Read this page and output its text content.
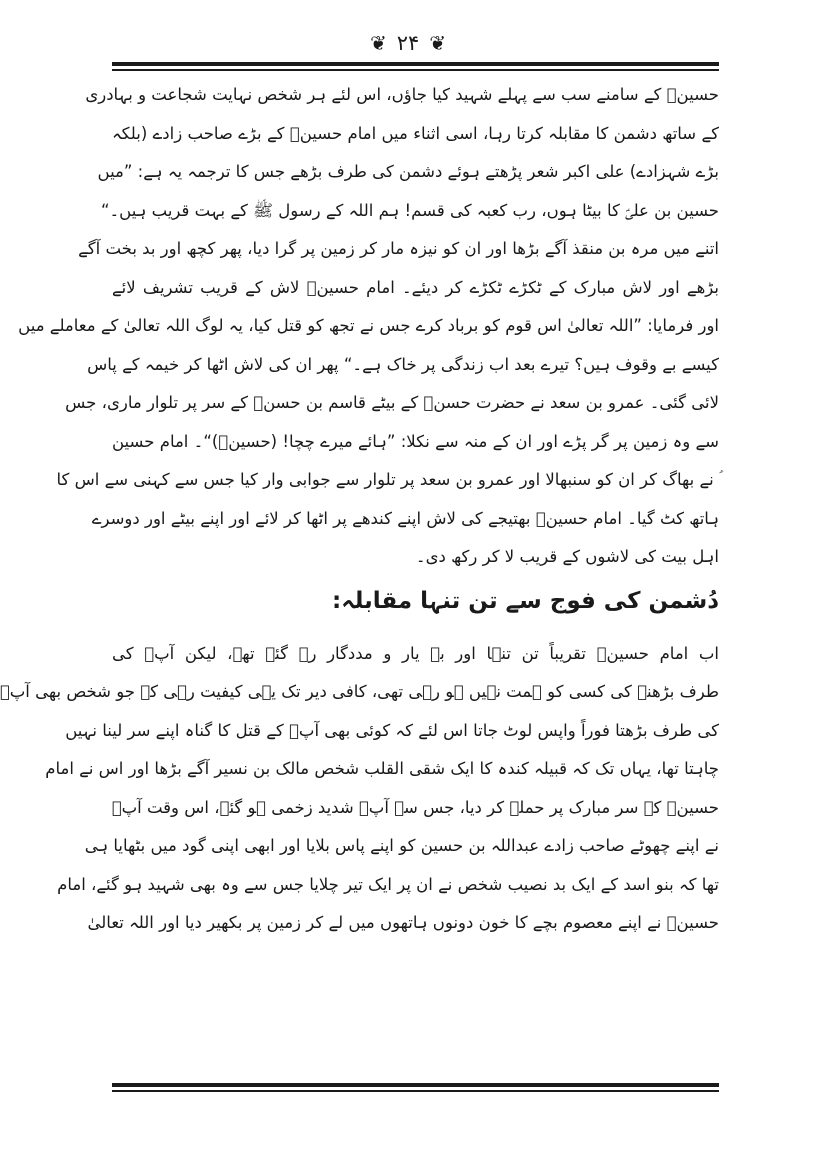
❦ ۲۴ ❦
حسینؑ کے سامنے سب سے پہلے شہید کیا جاؤں، اس لئے ہر شخص نہایت شجاعت و بہادری
کے ساتھ دشمن کا مقابلہ کرتا رہا، اسی اثناء میں امام حسینؑ کے بڑے صاحب زادے (بلکہ
بڑے شہزادے) علی اکبر شعر پڑھتے ہوئے دشمن کی طرف بڑھے جس کا ترجمہ یہ ہے: ”میں
حسین بن علیؑ کا بیٹا ہوں، رب کعبہ کی قسم! ہم اللہ کے رسول ﷺ کے بہت قریب ہیں۔“
اتنے میں مرہ بن منقذ آگے بڑھا اور ان کو نیزہ مار کر زمین پر گرا دیا، پھر کچھ اور بد بخت آگے
بڑھے اور لاش مبارک کے ٹکڑے ٹکڑے کر دیئے۔ امام حسینؑ لاش کے قریب تشریف لائے
اور فرمایا: ”اللہ تعالیٰ اس قوم کو برباد کرے جس نے تجھ کو قتل کیا، یہ لوگ اللہ تعالیٰ کے معاملے میں
کیسے بے وقوف ہیں؟ تیرے بعد اب زندگی پر خاک ہے۔“ پھر ان کی لاش اٹھا کر خیمہ کے پاس
لائی گئی۔ عمرو بن سعد نے حضرت حسنؑ کے بیٹے قاسم بن حسنؑ کے سر پر تلوار ماری، جس
سے وہ زمین پر گر پڑے اور ان کے منہ سے نکلا: ”ہائے میرے چچا! (حسینؑ)“۔ امام حسین
ؑ نے بھاگ کر ان کو سنبھالا اور عمرو بن سعد پر تلوار سے جوابی وار کیا جس سے کہنی سے اس کا
ہاتھ کٹ گیا۔ امام حسینؑ بھتیجے کی لاش اپنے کندھے پر اٹھا کر لائے اور اپنے بیٹے اور دوسرے
اہل بیت کی لاشوں کے قریب لا کر رکھ دی۔
دُشمن کی فوج سے تن تنہا مقابلہ:
اب امام حسینؑ تقریباً تن تنہا اور بے یار و مددگار رہ گئے تھے، لیکن آپؑ کی
طرف بڑھنے کی کسی کو ہمت نہیں ہو رہی تھی، کافی دیر تک یہی کیفیت رہی کہ جو شخص بھی آپؑ
کی طرف بڑھتا فوراً واپس لوٹ جاتا اس لئے کہ کوئی بھی آپؑ کے قتل کا گناہ اپنے سر لینا نہیں
چاہتا تھا، یہاں تک کہ قبیلہ کندہ کا ایک شقی القلب شخص مالک بن نسیر آگے بڑھا اور اس نے امام
حسینؑ کے سر مبارک پر حملہ کر دیا، جس سے آپؑ شدید زخمی ہو گئے، اس وقت آپؑ
نے اپنے چھوٹے صاحب زادے عبداللہ بن حسین کو اپنے پاس بلایا اور ابھی اپنی گود میں بٹھایا ہی
تھا کہ بنو اسد کے ایک بد نصیب شخص نے ان پر ایک تیر چلایا جس سے وہ بھی شہید ہو گئے، امام
حسینؑ نے اپنے معصوم بچے کا خون دونوں ہاتھوں میں لے کر زمین پر بکھیر دیا اور اللہ تعالیٰ
